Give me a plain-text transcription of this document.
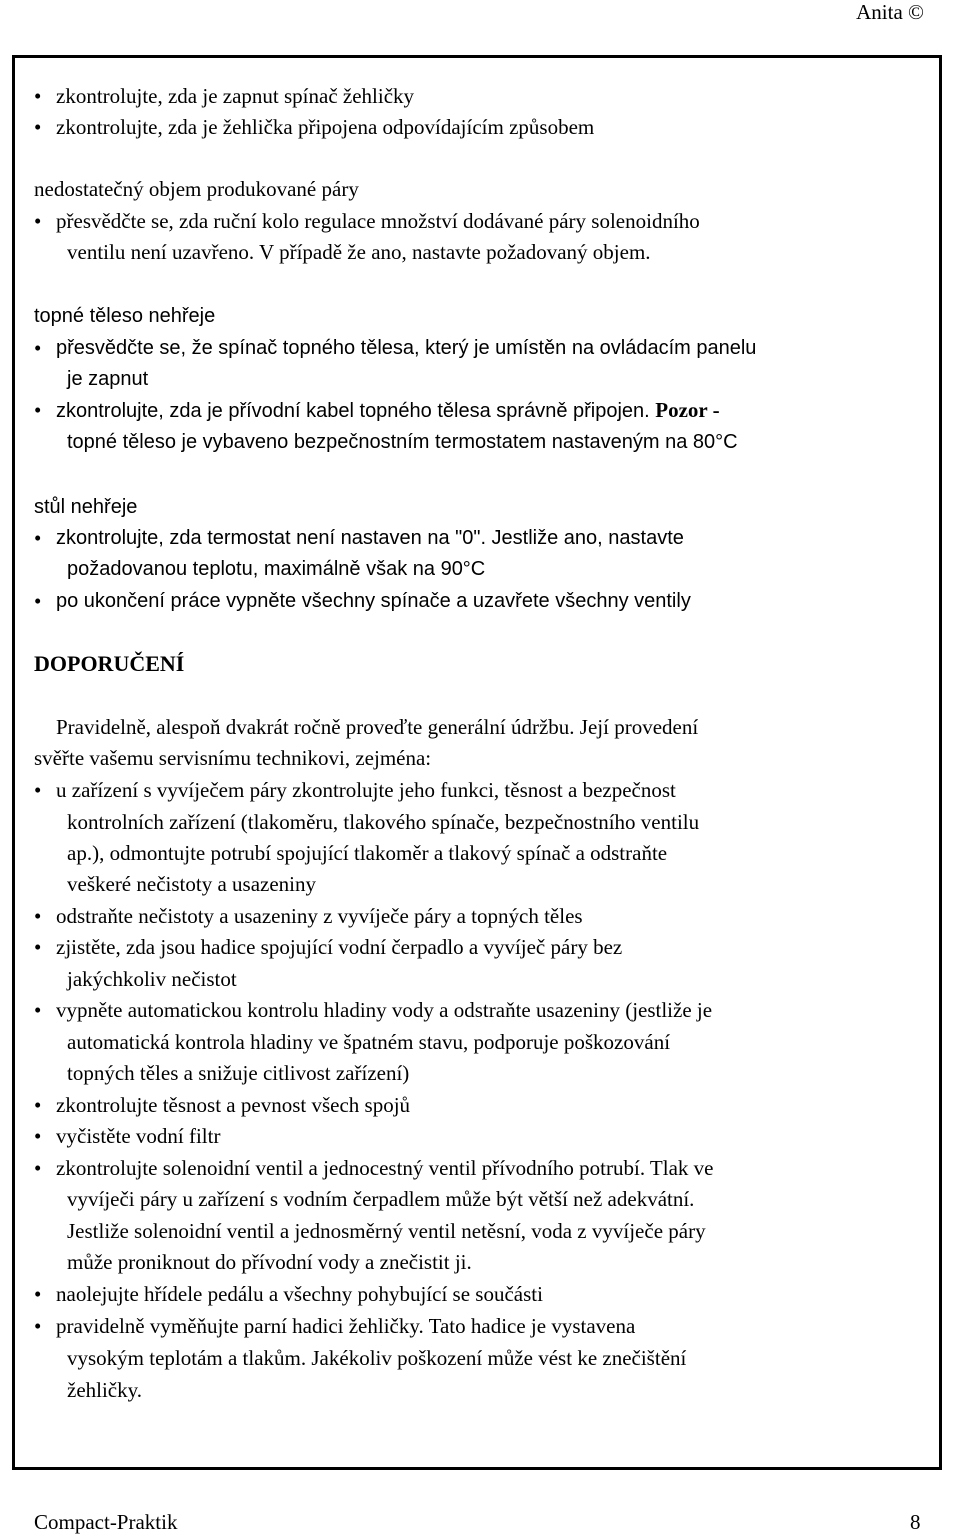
Anita ©
• zkontrolujte, zda je zapnut spínač žehličky
• zkontrolujte, zda je žehlička připojena odpovídajícím způsobem
nedostatečný objem produkované páry
• přesvědčte se, zda ruční kolo regulace množství dodávané páry solenoidního
ventilu není uzavřeno. V případě že ano, nastavte požadovaný objem.
topné těleso nehřeje
• přesvědčte se, že spínač topného tělesa, který je umístěn na ovládacím panelu
je zapnut
• zkontrolujte, zda je přívodní kabel topného tělesa správně připojen. Pozor -
topné těleso je vybaveno bezpečnostním termostatem nastaveným na 80°C
stůl nehřeje
• zkontrolujte, zda termostat není nastaven na "0". Jestliže ano, nastavte
požadovanou teplotu, maximálně však na 90°C
• po ukončení práce vypněte všechny spínače a uzavřete všechny ventily
DOPORUČENÍ
Pravidelně, alespoň dvakrát ročně proveďte generální údržbu. Její provedení
svěřte vašemu servisnímu technikovi, zejména:
• u zařízení s vyvíječem páry zkontrolujte jeho funkci, těsnost a bezpečnost
kontrolních zařízení (tlakoměru, tlakového spínače, bezpečnostního ventilu
ap.), odmontujte potrubí spojující tlakoměr a tlakový spínač a odstraňte
veškeré nečistoty a usazeniny
• odstraňte nečistoty a usazeniny z vyvíječe páry a topných těles
• zjistěte, zda jsou hadice spojující vodní čerpadlo a vyvíječ páry bez
jakýchkoliv nečistot
• vypněte automatickou kontrolu hladiny vody a odstraňte usazeniny (jestliže je
automatická kontrola hladiny ve špatném stavu, podporuje poškozování
topných těles a snižuje citlivost zařízení)
• zkontrolujte těsnost a pevnost všech spojů
• vyčistěte vodní filtr
• zkontrolujte solenoidní ventil a jednocestný ventil přívodního potrubí. Tlak ve
vyvíječi páry u zařízení s vodním čerpadlem může být větší než adekvátní.
Jestliže solenoidní ventil a jednosměrný ventil netěsní, voda z vyvíječe páry
může proniknout do přívodní vody a znečistit ji.
• naolejujte hřídele pedálu a všechny pohybující se součásti
• pravidelně vyměňujte parní hadici žehličky. Tato hadice je vystavena
vysokým teplotám a tlakům. Jakékoliv poškození může vést ke znečištění
žehličky.
Compact-Praktik	8
